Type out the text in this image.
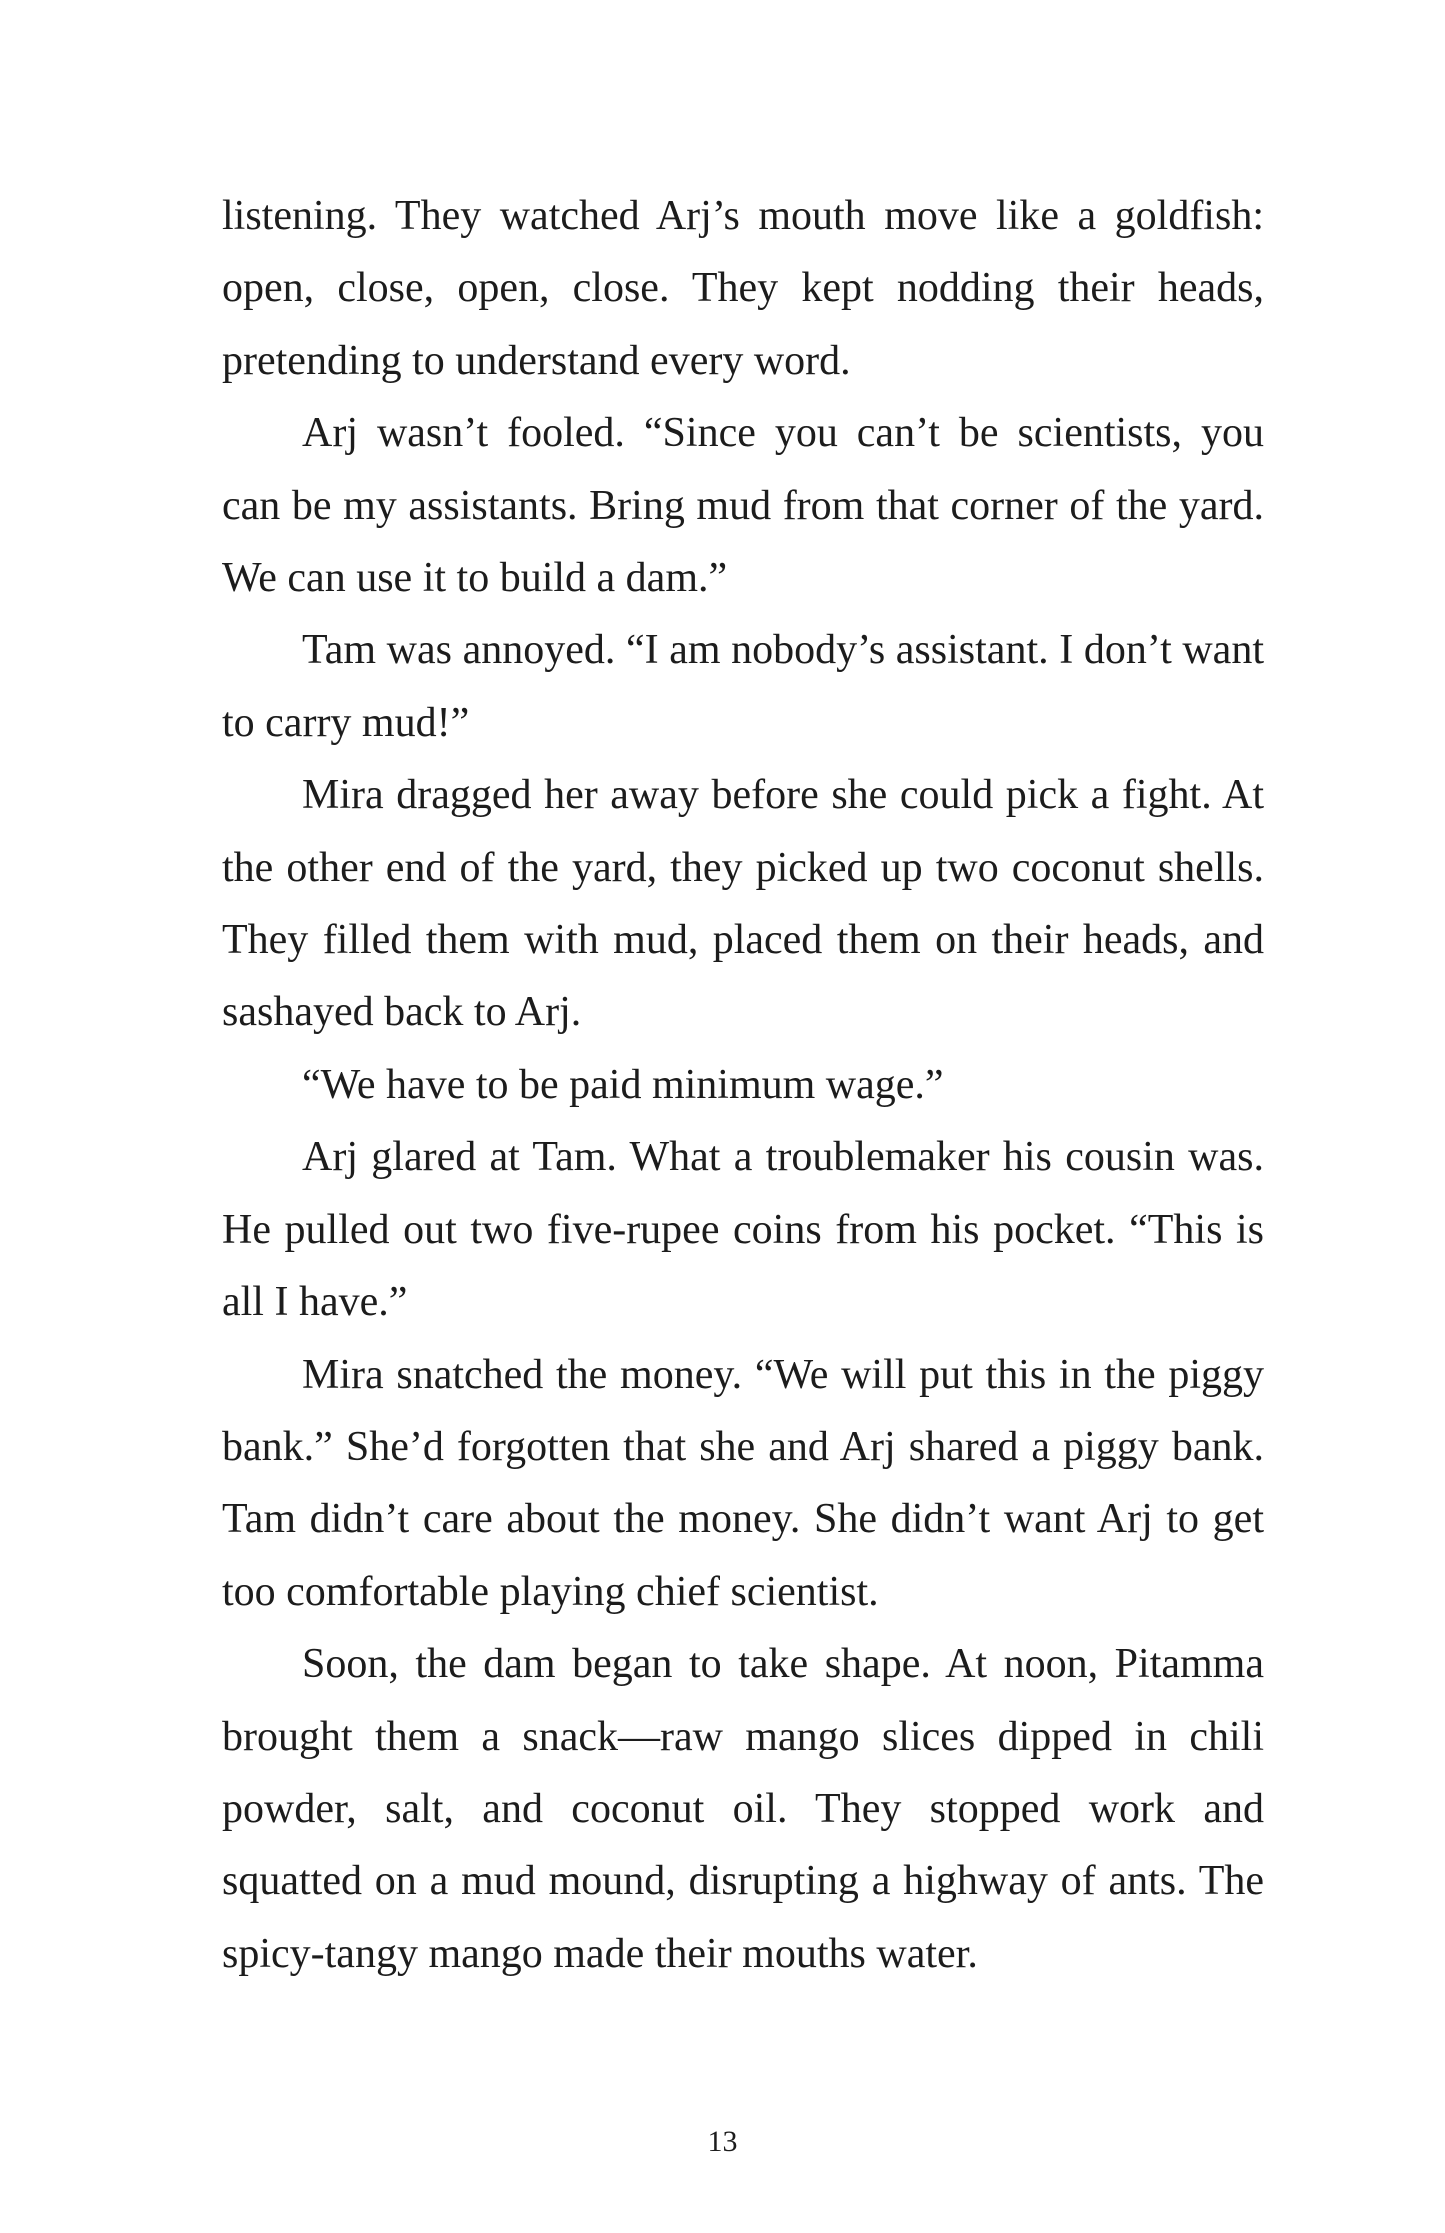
listening. They watched Arj’s mouth move like a goldfish: open, close, open, close. They kept nodding their heads, pretending to understand every word.

Arj wasn’t fooled. “Since you can’t be scientists, you can be my assistants. Bring mud from that corner of the yard. We can use it to build a dam.”

Tam was annoyed. “I am nobody’s assistant. I don’t want to carry mud!”

Mira dragged her away before she could pick a fight. At the other end of the yard, they picked up two coconut shells. They filled them with mud, placed them on their heads, and sashayed back to Arj.

“We have to be paid minimum wage.”

Arj glared at Tam. What a troublemaker his cousin was. He pulled out two five-rupee coins from his pocket. “This is all I have.”

Mira snatched the money. “We will put this in the piggy bank.” She’d forgotten that she and Arj shared a piggy bank. Tam didn’t care about the money. She didn’t want Arj to get too comfortable playing chief scientist.

Soon, the dam began to take shape. At noon, Pitamma brought them a snack—raw mango slices dipped in chili powder, salt, and coconut oil. They stopped work and squatted on a mud mound, disrupting a highway of ants. The spicy-tangy mango made their mouths water.

13
